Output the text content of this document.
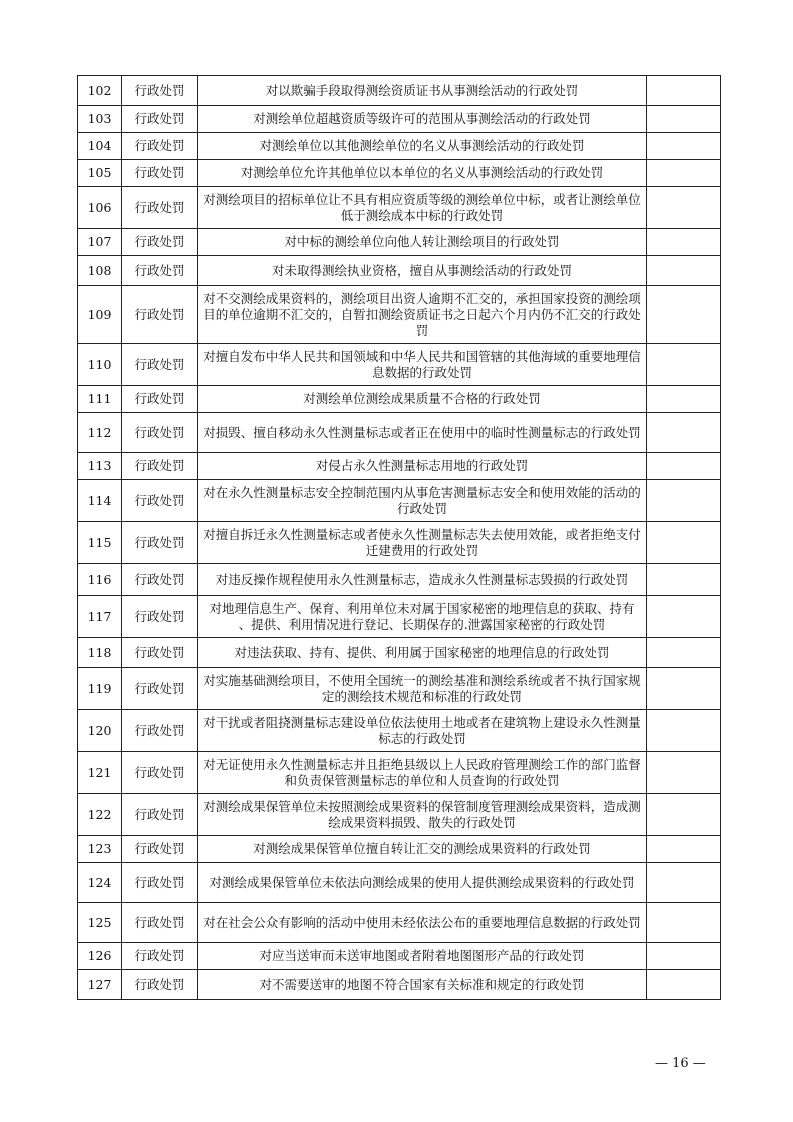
102	行政处罚	对以欺骗手段取得测绘资质证书从事测绘活动的行政处罚	
103	行政处罚	对测绘单位超越资质等级许可的范围从事测绘活动的行政处罚	
104	行政处罚	对测绘单位以其他测绘单位的名义从事测绘活动的行政处罚	
105	行政处罚	对测绘单位允许其他单位以本单位的名义从事测绘活动的行政处罚	
106	行政处罚	对测绘项目的招标单位让不具有相应资质等级的测绘单位中标，或者让测绘单位低于测绘成本中标的行政处罚	
107	行政处罚	对中标的测绘单位向他人转让测绘项目的行政处罚	
108	行政处罚	对未取得测绘执业资格，擅自从事测绘活动的行政处罚	
109	行政处罚	对不交测绘成果资料的，测绘项目出资人逾期不汇交的，承担国家投资的测绘项目的单位逾期不汇交的，自暂扣测绘资质证书之日起六个月内仍不汇交的行政处罚	
110	行政处罚	对擅自发布中华人民共和国领域和中华人民共和国管辖的其他海域的重要地理信息数据的行政处罚	
111	行政处罚	对测绘单位测绘成果质量不合格的行政处罚	
112	行政处罚	对损毁、擅自移动永久性测量标志或者正在使用中的临时性测量标志的行政处罚	
113	行政处罚	对侵占永久性测量标志用地的行政处罚	
114	行政处罚	对在永久性测量标志安全控制范围内从事危害测量标志安全和使用效能的活动的行政处罚	
115	行政处罚	对擅自拆迁永久性测量标志或者使永久性测量标志失去使用效能，或者拒绝支付迁建费用的行政处罚	
116	行政处罚	对违反操作规程使用永久性测量标志，造成永久性测量标志毁损的行政处罚	
117	行政处罚	对地理信息生产、保育、利用单位未对属于国家秘密的地理信息的获取、持有 、提供、利用情况进行登记、长期保存的.泄露国家秘密的行政处罚	
118	行政处罚	对违法获取、持有、提供、利用属于国家秘密的地理信息的行政处罚	
119	行政处罚	对实施基础测绘项目，不使用全国统一的测绘基准和测绘系统或者不执行国家规定的测绘技术规范和标准的行政处罚	
120	行政处罚	对干扰或者阻挠测量标志建设单位依法使用土地或者在建筑物上建设永久性测量标志的行政处罚	
121	行政处罚	对无证使用永久性测量标志并且拒绝县级以上人民政府管理测绘工作的部门监督和负责保管测量标志的单位和人员查询的行政处罚	
122	行政处罚	对测绘成果保管单位未按照测绘成果资料的保管制度管理测绘成果资料，造成测绘成果资料损毁、散失的行政处罚	
123	行政处罚	对测绘成果保管单位擅自转让汇交的测绘成果资料的行政处罚	
124	行政处罚	对测绘成果保管单位未依法向测绘成果的使用人提供测绘成果资料的行政处罚	
125	行政处罚	对在社会公众有影响的活动中使用未经依法公布的重要地理信息数据的行政处罚	
126	行政处罚	对应当送审而未送审地图或者附着地图图形产品的行政处罚	
127	行政处罚	对不需要送审的地图不符合国家有关标准和规定的行政处罚	
— 16 —
